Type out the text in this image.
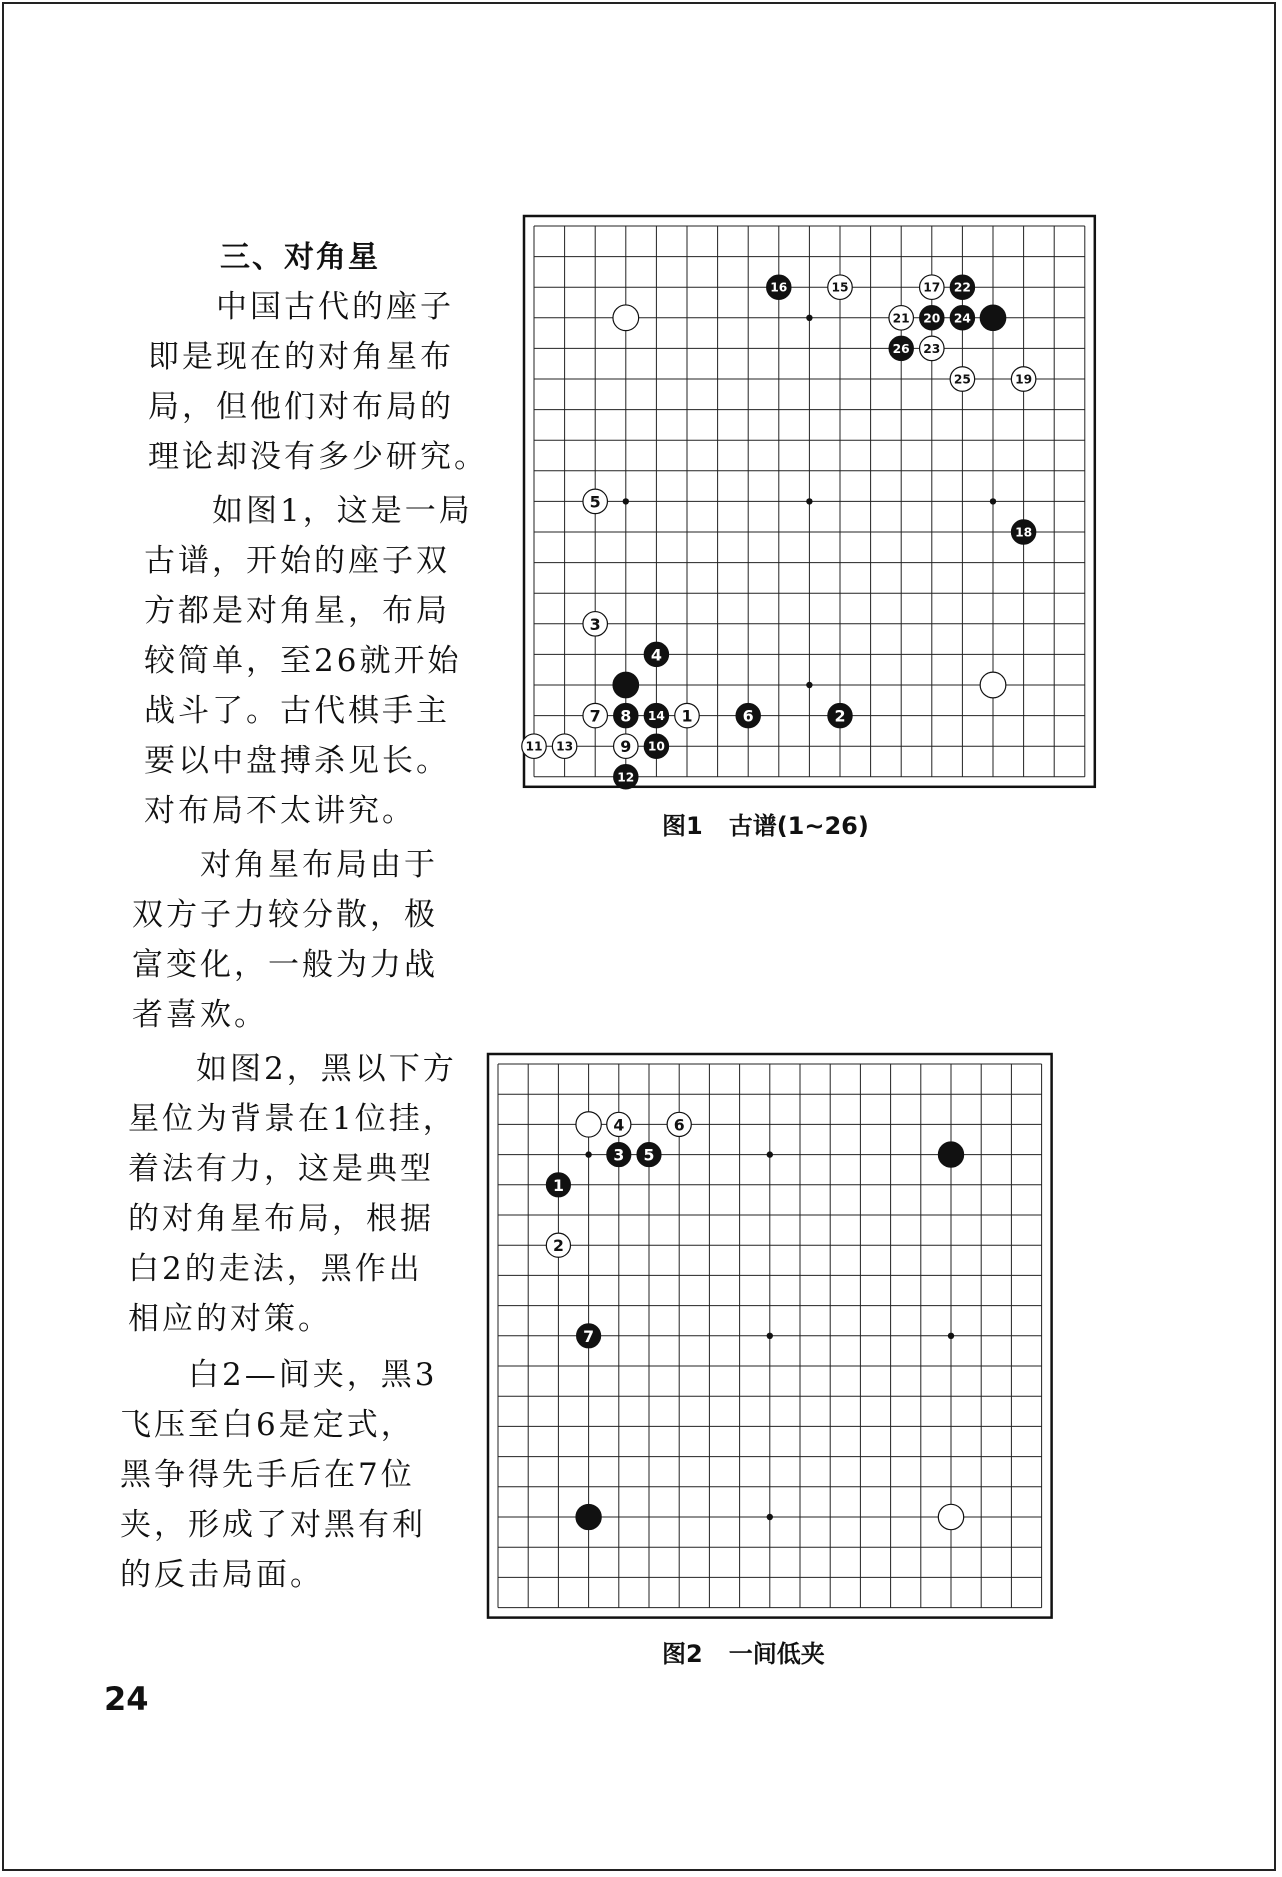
三、对角星
中国古代的座子
即是现在的对角星布
局，但他们对布局的
理论却没有多少研究。
如图1，这是一局
古谱，开始的座子双
方都是对角星，布局
较简单，至26就开始
战斗了。古代棋手主
要以中盘搏杀见长。
对布局不太讲究。
对角星布局由于
双方子力较分散，极
富变化，一般为力战
者喜欢。
如图2，黑以下方
星位为背景在1位挂，
着法有力，这是典型
的对角星布局，根据
白2的走法，黑作出
相应的对策。
白2—间夹，黑3
飞压至白6是定式，
黑争得先手后在7位
夹，形成了对黑有利
的反击局面。
1	2
3
4
5
6
7 8
9 10
11
12
13
14
15
16	17
18
19
20
21
22
23
24
25
26
图1 古谱(1~26)
1
2
3
4
5
6
7
图2 一间低夹
24
